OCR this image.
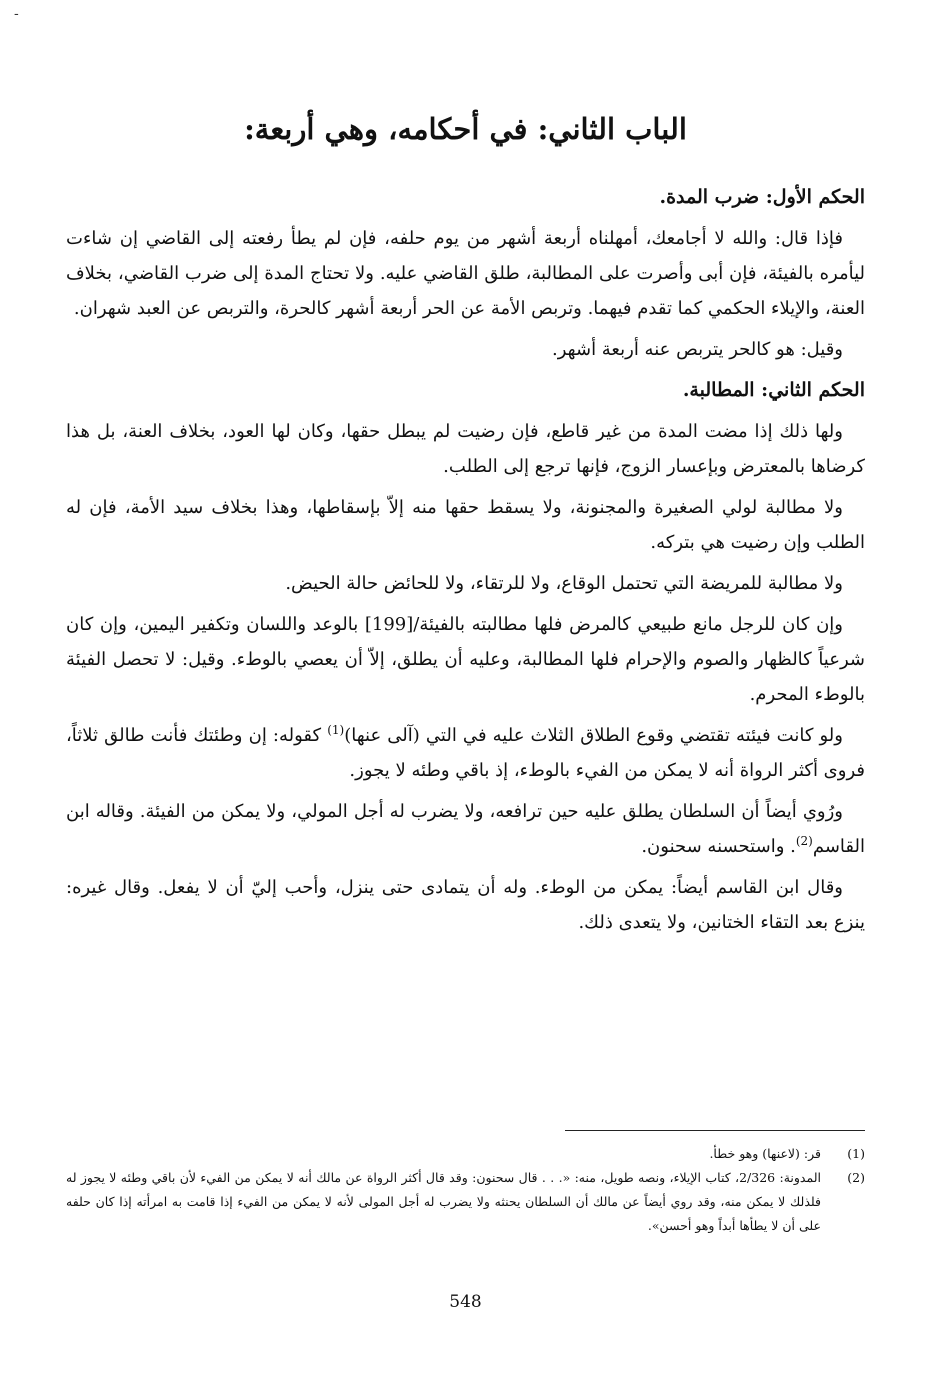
-
الباب الثاني: في أحكامه، وهي أربعة:
الحكم الأول: ضرب المدة.

فإذا قال: والله لا أجامعك، أمهلناه أربعة أشهر من يوم حلفه، فإن لم يطأ رفعته إلى القاضي إن شاءت ليأمره بالفيئة، فإن أبى وأصرت على المطالبة، طلق القاضي عليه. ولا تحتاج المدة إلى ضرب القاضي، بخلاف العنة، والإيلاء الحكمي كما تقدم فيهما. وتربص الأمة عن الحر أربعة أشهر كالحرة، والتربص عن العبد شهران.

وقيل: هو كالحر يتربص عنه أربعة أشهر.

الحكم الثاني: المطالبة.

ولها ذلك إذا مضت المدة من غير قاطع، فإن رضيت لم يبطل حقها، وكان لها العود، بخلاف العنة، بل هذا كرضاها بالمعترض وبإعسار الزوج، فإنها ترجع إلى الطلب.

ولا مطالبة لولي الصغيرة والمجنونة، ولا يسقط حقها منه إلاّ بإسقاطها، وهذا بخلاف سيد الأمة، فإن له الطلب وإن رضيت هي بتركه.

ولا مطالبة للمريضة التي تحتمل الوقاع، ولا للرتقاء، ولا للحائض حالة الحيض.

وإن كان للرجل مانع طبيعي كالمرض فلها مطالبته بالفيئة/[199] بالوعد واللسان وتكفير اليمين، وإن كان شرعياً كالظهار والصوم والإحرام فلها المطالبة، وعليه أن يطلق، إلاّ أن يعصي بالوطء. وقيل: لا تحصل الفيئة بالوطء المحرم.

ولو كانت فيئته تقتضي وقوع الطلاق الثلاث عليه في التي (آلى عنها)$^{(1)}$ كقوله: إن وطئتك فأنت طالق ثلاثاً، فروى أكثر الرواة أنه لا يمكن من الفيء بالوطء، إذ باقي وطئه لا يجوز.

ورُوي أيضاً أن السلطان يطلق عليه حين ترافعه، ولا يضرب له أجل المولي، ولا يمكن من الفيئة. وقاله ابن القاسم$^{(2)}$. واستحسنه سحنون.

وقال ابن القاسم أيضاً: يمكن من الوطء. وله أن يتمادى حتى ينزل، وأحب إليّ أن لا يفعل. وقال غيره: ينزع بعد التقاء الختانين، ولا يتعدى ذلك.

(1)
قر: (لاعنها) وهو خطأ.

(2)
المدونة: 2/326، كتاب الإيلاء، ونصه طويل، منه: «. . . قال سحنون: وقد قال أكثر الرواة عن مالك أنه لا يمكن من الفيء لأن باقي وطئه لا يجوز له فلذلك لا يمكن منه، وقد روي أيضاً عن مالك أن السلطان يحنثه ولا يضرب له أجل المولى لأنه لا يمكن من الفيء إذا قامت به امرأته إذا كان حلفه على أن لا يطأها أبداً وهو أحسن».

548
